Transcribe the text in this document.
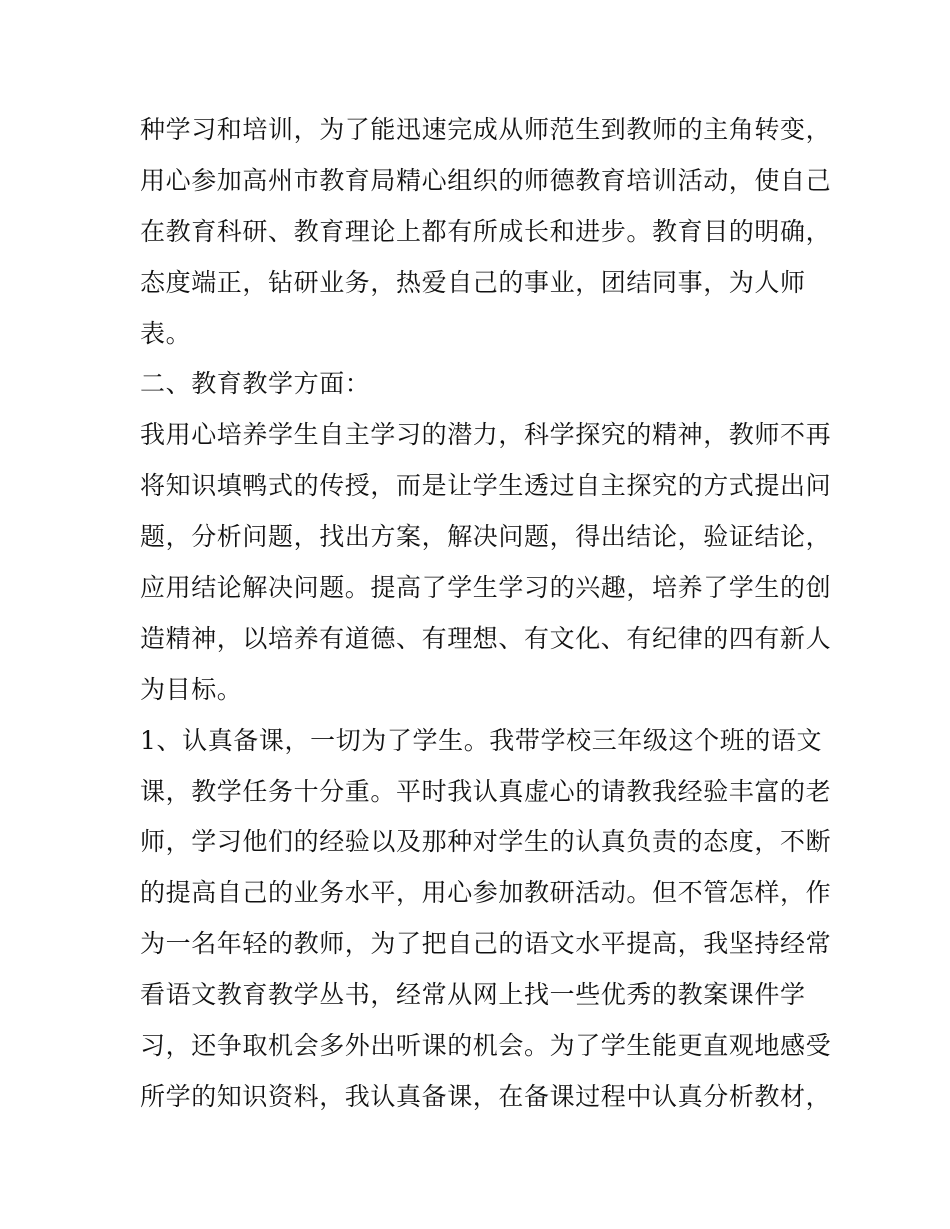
种学习和培训，为了能迅速完成从师范生到教师的主角转变，
用心参加高州市教育局精心组织的师德教育培训活动，使自己
在教育科研、教育理论上都有所成长和进步。教育目的明确，
态度端正，钻研业务，热爱自己的事业，团结同事，为人师
表。
二、教育教学方面：
我用心培养学生自主学习的潜力，科学探究的精神，教师不再
将知识填鸭式的传授，而是让学生透过自主探究的方式提出问
题，分析问题，找出方案，解决问题，得出结论，验证结论，
应用结论解决问题。提高了学生学习的兴趣，培养了学生的创
造精神，以培养有道德、有理想、有文化、有纪律的四有新人
为目标。
1、认真备课，一切为了学生。我带学校三年级这个班的语文
课，教学任务十分重。平时我认真虚心的请教我经验丰富的老
师，学习他们的经验以及那种对学生的认真负责的态度，不断
的提高自己的业务水平，用心参加教研活动。但不管怎样，作
为一名年轻的教师，为了把自己的语文水平提高，我坚持经常
看语文教育教学丛书，经常从网上找一些优秀的教案课件学
习，还争取机会多外出听课的机会。为了学生能更直观地感受
所学的知识资料，我认真备课，在备课过程中认真分析教材，
